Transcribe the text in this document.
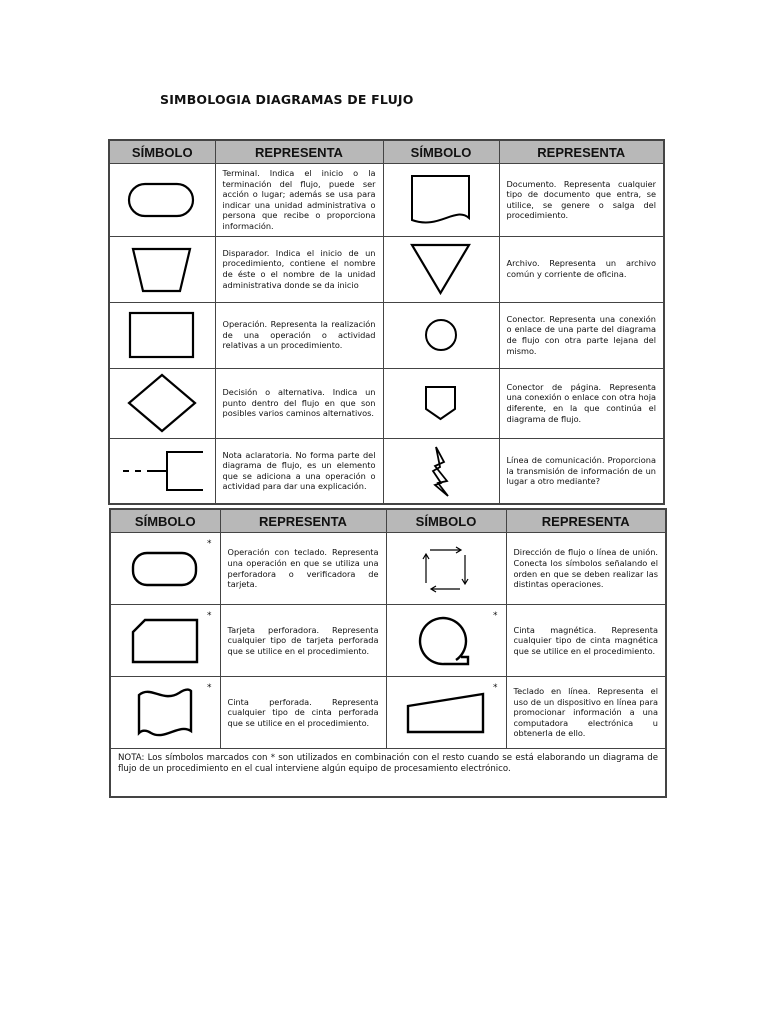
SIMBOLOGIA DIAGRAMAS DE FLUJO
SÍMBOLO	REPRESENTA	SÍMBOLO	REPRESENTA

Terminal. Indica el inicio o la terminación del flujo, puede ser acción o lugar; además se usa para indicar una unidad administrativa o persona que recibe o proporciona información.		Documento. Representa cualquier tipo de documento que entra, se utilice, se genere o salga del procedimiento.

Disparador. Indica el inicio de un procedimiento, contiene el nombre de éste o el nombre de la unidad administrativa donde se da inicio		Archivo. Representa un archivo común y corriente de oficina.

Operación. Representa la realización de una operación o actividad relativas a un procedimiento.		Conector. Representa una conexión o enlace de una parte del diagrama de flujo con otra parte lejana del mismo.

Decisión o alternativa. Indica un punto dentro del flujo en que son posibles varios caminos alternativos.		Conector de página. Representa una conexión o enlace con otra hoja diferente, en la que continúa el diagrama de flujo.

Nota aclaratoria. No forma parte del diagrama de flujo, es un elemento que se adiciona a una operación o actividad para dar una explicación.		Línea de comunicación. Proporciona la transmisión de información de un lugar a otro mediante?
SÍMBOLO	REPRESENTA	SÍMBOLO	REPRESENTA

*	Operación con teclado. Representa una operación en que se utiliza una perforadora o verificadora de tarjeta.		Dirección de flujo o línea de unión. Conecta los símbolos señalando el orden en que se deben realizar las distintas operaciones.

*	Tarjeta perforadora. Representa cualquier tipo de tarjeta perforada que se utilice en el procedimiento.	*	Cinta magnética. Representa cualquier tipo de cinta magnética que se utilice en el procedimiento.

*	Cinta perforada. Representa cualquier tipo de cinta perforada que se utilice en el procedimiento.	*	Teclado en línea. Representa el uso de un dispositivo en línea para promocionar información a una computadora electrónica u obtenerla de ello.

NOTA: Los símbolos marcados con * son utilizados en combinación con el resto cuando se está elaborando un diagrama de flujo de un procedimiento en el cual interviene algún equipo de procesamiento electrónico.			
